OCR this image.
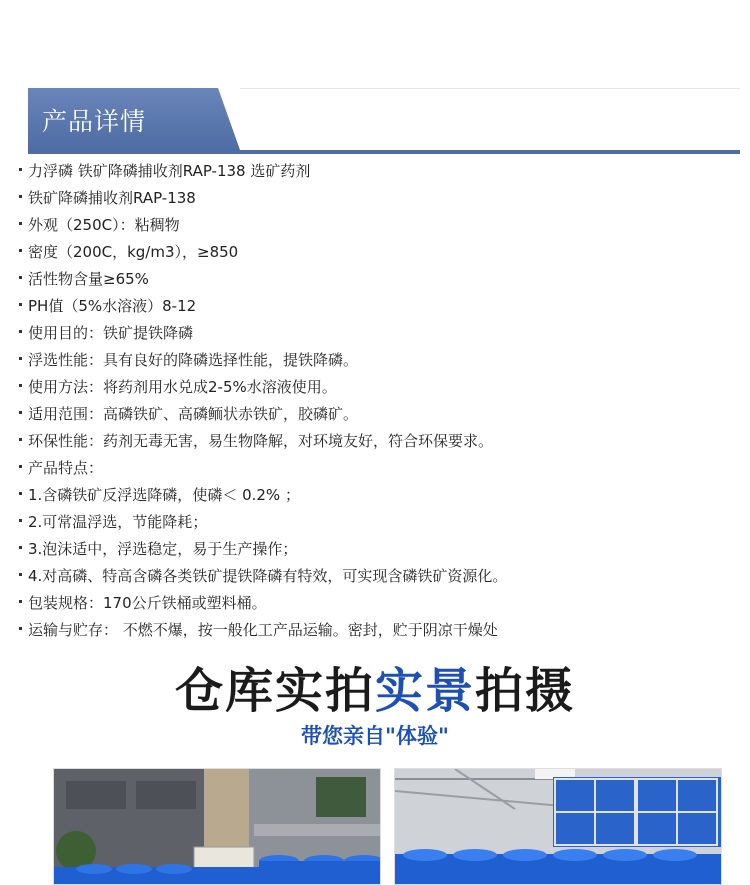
产品详情
力浮磷 铁矿降磷捕收剂RAP-138 选矿药剂
铁矿降磷捕收剂RAP-138
外观（250C）：粘稠物
密度（200C，kg/m3），≥850
活性物含量≥65%
PH值（5%水溶液）8-12
使用目的：铁矿提铁降磷
浮选性能：具有良好的降磷选择性能，提铁降磷。
使用方法：将药剂用水兑成2-5%水溶液使用。
适用范围：高磷铁矿、高磷鲕状赤铁矿，胶磷矿。
环保性能：药剂无毒无害，易生物降解，对环境友好，符合环保要求。
产品特点：
1.含磷铁矿反浮选降磷，使磷＜ 0.2% ；
2.可常温浮选，节能降耗；
3.泡沫适中，浮选稳定，易于生产操作；
4.对高磷、特高含磷各类铁矿提铁降磷有特效，可实现含磷铁矿资源化。
包装规格：170公斤铁桶或塑料桶。
运输与贮存： 不燃不爆，按一般化工产品运输。密封，贮于阴凉干燥处
仓库实拍实景拍摄
带您亲自"体验"
